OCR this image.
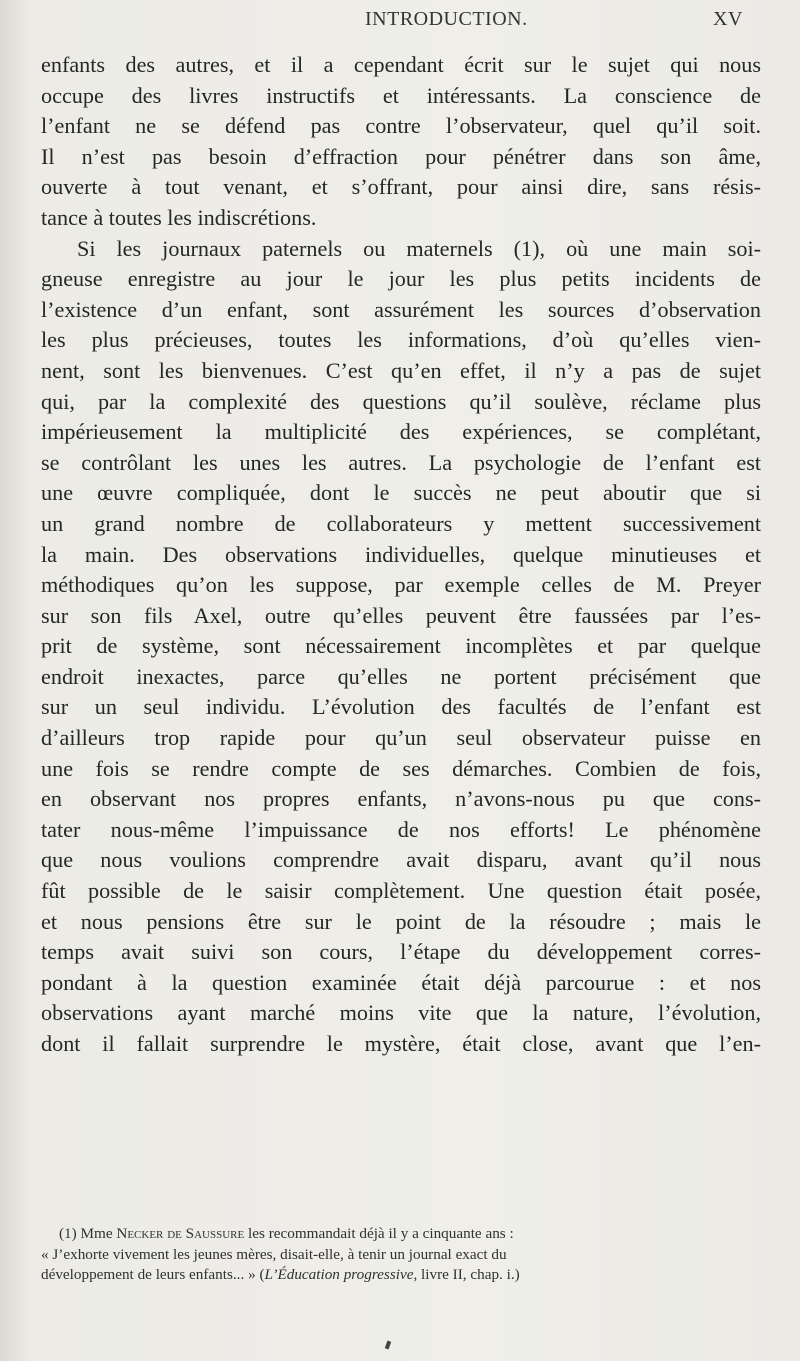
INTRODUCTION.	XV
enfants des autres, et il a cependant écrit sur le sujet qui nous
occupe des livres instructifs et intéressants. La conscience de
l’enfant ne se défend pas contre l’observateur, quel qu’il soit.
Il n’est pas besoin d’effraction pour pénétrer dans son âme,
ouverte à tout venant, et s’offrant, pour ainsi dire, sans résis-
tance à toutes les indiscrétions.
Si les journaux paternels ou maternels (1), où une main soi-
gneuse enregistre au jour le jour les plus petits incidents de
l’existence d’un enfant, sont assurément les sources d’observation
les plus précieuses, toutes les informations, d’où qu’elles vien-
nent, sont les bienvenues. C’est qu’en effet, il n’y a pas de sujet
qui, par la complexité des questions qu’il soulève, réclame plus
impérieusement la multiplicité des expériences, se complétant,
se contrôlant les unes les autres. La psychologie de l’enfant est
une œuvre compliquée, dont le succès ne peut aboutir que si
un grand nombre de collaborateurs y mettent successivement
la main. Des observations individuelles, quelque minutieuses et
méthodiques qu’on les suppose, par exemple celles de M. Preyer
sur son fils Axel, outre qu’elles peuvent être faussées par l’es-
prit de système, sont nécessairement incomplètes et par quelque
endroit inexactes, parce qu’elles ne portent précisément que
sur un seul individu. L’évolution des facultés de l’enfant est
d’ailleurs trop rapide pour qu’un seul observateur puisse en
une fois se rendre compte de ses démarches. Combien de fois,
en observant nos propres enfants, n’avons-nous pu que cons-
tater nous-même l’impuissance de nos efforts! Le phénomène
que nous voulions comprendre avait disparu, avant qu’il nous
fût possible de le saisir complètement. Une question était posée,
et nous pensions être sur le point de la résoudre ; mais le
temps avait suivi son cours, l’étape du développement corres-
pondant à la question examinée était déjà parcourue : et nos
observations ayant marché moins vite que la nature, l’évolution,
dont il fallait surprendre le mystère, était close, avant que l’en-
(1) Mme Necker de Saussure les recommandait déjà il y a cinquante ans :
« J’exhorte vivement les jeunes mères, disait-elle, à tenir un journal exact du
développement de leurs enfants... » (L’Éducation progressive, livre II, chap. i.)
